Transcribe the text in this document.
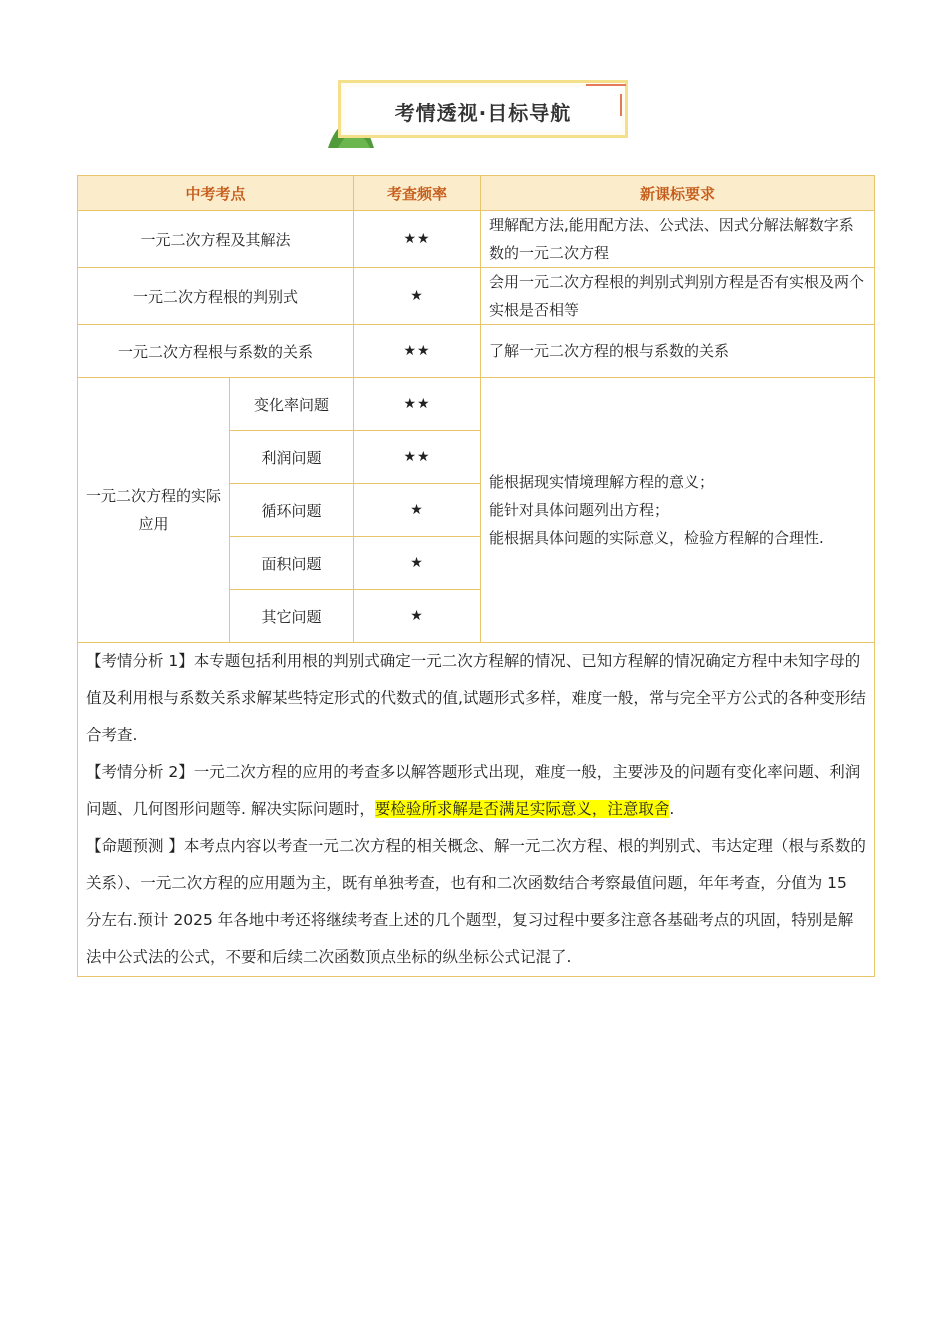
考情透视·目标导航
中考考点		考查频率	新课标要求
一元二次方程及其解法		★★	理解配方法,能用配方法、公式法、因式分解法解数字系数的一元二次方程
一元二次方程根的判别式		★	会用一元二次方程根的判别式判别方程是否有实根及两个实根是否相等
一元二次方程根与系数的关系		★★	了解一元二次方程的根与系数的关系
一元二次方程的实际应用	变化率问题	★★	能根据现实情境理解方程的意义；
能针对具体问题列出方程；
能根据具体问题的实际意义，检验方程解的合理性.

	利润问题	★★	
	循环问题	★	
	面积问题	★	
	其它问题	★	

【考情分析 1】本专题包括利用根的判别式确定一元二次方程解的情况、已知方程解的情况确定方程中未知字母的值及利用根与系数关系求解某些特定形式的代数式的值,试题形式多样，难度一般，常与完全平方公式的各种变形结合考查.
【考情分析 2】一元二次方程的应用的考查多以解答题形式出现，难度一般，主要涉及的问题有变化率问题、利润问题、几何图形问题等. 解决实际问题时，要检验所求解是否满足实际意义，注意取舍.
【命题预测 】本考点内容以考查一元二次方程的相关概念、解一元二次方程、根的判别式、韦达定理（根与系数的关系）、一元二次方程的应用题为主，既有单独考查，也有和二次函数结合考察最值问题，年年考查，分值为 15 分左右.预计 2025 年各地中考还将继续考查上述的几个题型，复习过程中要多注意各基础考点的巩固，特别是解法中公式法的公式，不要和后续二次函数顶点坐标的纵坐标公式记混了.			
